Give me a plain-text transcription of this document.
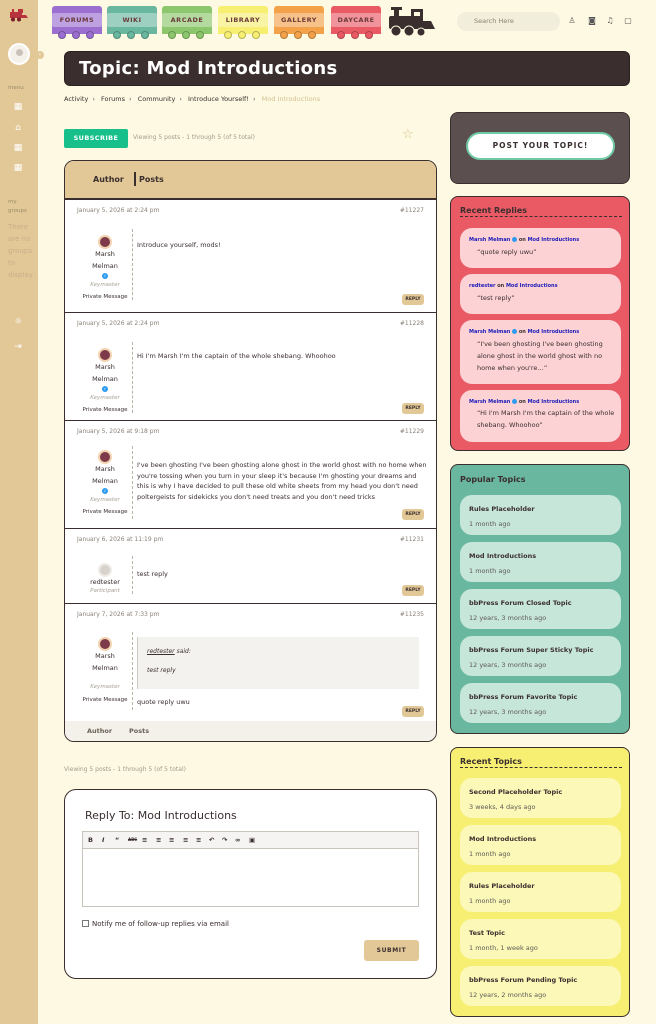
›
menu
▦
⌂
▦
▦
my groups
There are no groups to display
☼
⇥
FORUMS	WIKI	ARCADE	LIBRARY	GALLERY	DAYCARE	Search Here	♙ ◙ ♫ ▢
Topic: Mod Introductions
Activity › Forums › Community › Introduce Yourself! › Mod Introductions
SUBSCRIBE	Viewing 5 posts - 1 through 5 (of 5 total)	☆
Author Posts
January 5, 2026 at 2:24 pm	#11227
Marsh
Melman
✓
Keymaster
Private Message
Introduce yourself, mods!
REPLY
January 5, 2026 at 2:24 pm	#11228
Marsh
Melman
✓
Keymaster
Private Message
Hi I'm Marsh I'm the captain of the whole shebang. Whoohoo
REPLY
January 5, 2026 at 9:18 pm	#11229
Marsh
Melman
✓
Keymaster
Private Message
I've been ghosting I've been ghosting alone ghost in the world ghost with no home when you're tossing when you turn in your sleep it's because I'm ghosting your dreams and this is why I have decided to pull these old white sheets from my head you don't need poltergeists for sidekicks you don't need treats and you don't need tricks
REPLY
January 6, 2026 at 11:19 pm	#11231
redtester
Participant
test reply
REPLY
January 7, 2026 at 7:33 pm	#11235
Marsh
Melman
Keymaster
Private Message
redtester said:
test reply
quote reply uwu
REPLY
Author	Posts
Viewing 5 posts - 1 through 5 (of 5 total)
Reply To: Mod Introductions
B I “ ABC ≡ ≡ ≡ ≡ ≡ ↶ ↷ ∞ ▣
Notify me of follow-up replies via email
SUBMIT
POST YOUR TOPIC!
Recent Replies
Marsh Melman on Mod Introductions
“quote reply uwu”
redtester on Mod Introductions
“test reply”
Marsh Melman on Mod Introductions
“I've been ghosting I've been ghosting alone ghost in the world ghost with no home when you're…”
Marsh Melman on Mod Introductions
“Hi I'm Marsh I'm the captain of the whole shebang. Whoohoo”
Popular Topics
Rules Placeholder
1 month ago
Mod Introductions
1 month ago
bbPress Forum Closed Topic
12 years, 3 months ago
bbPress Forum Super Sticky Topic
12 years, 3 months ago
bbPress Forum Favorite Topic
12 years, 3 months ago
Recent Topics
Second Placeholder Topic
3 weeks, 4 days ago
Mod Introductions
1 month ago
Rules Placeholder
1 month ago
Test Topic
1 month, 1 week ago
bbPress Forum Pending Topic
12 years, 2 months ago
